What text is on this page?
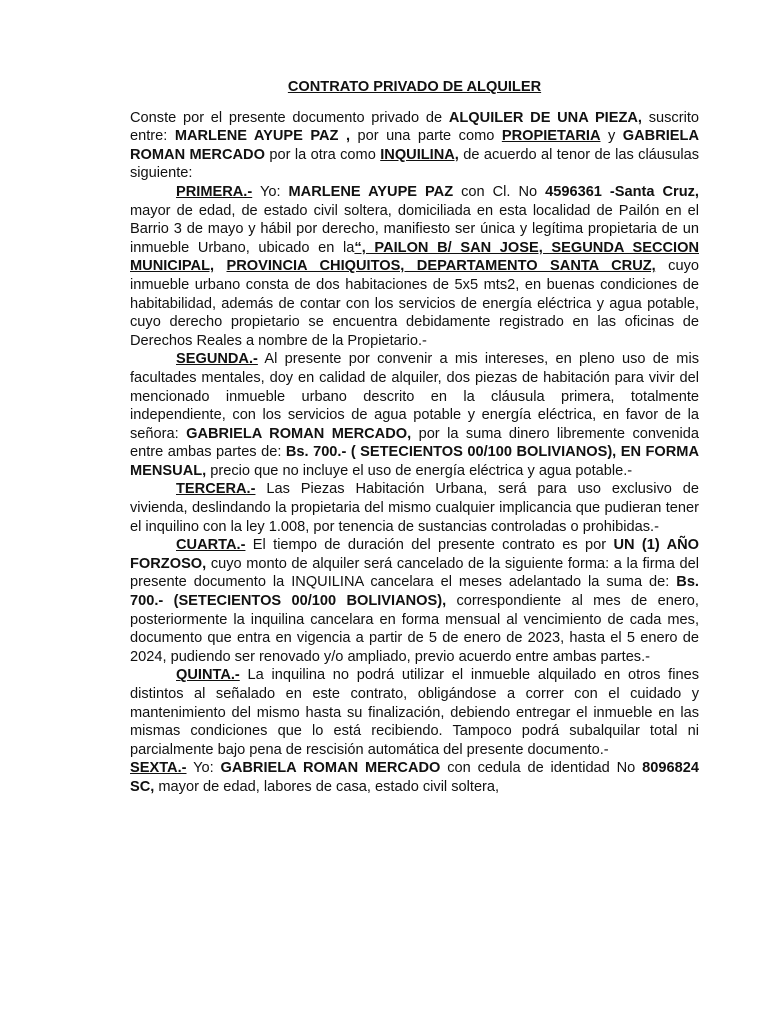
CONTRATO PRIVADO DE ALQUILER

Conste por el presente documento privado de ALQUILER DE UNA PIEZA, suscrito entre: MARLENE AYUPE PAZ , por una parte como PROPIETARIA y GABRIELA ROMAN MERCADO por la otra como INQUILINA, de acuerdo al tenor de las cláusulas siguiente:

PRIMERA.- Yo: MARLENE AYUPE PAZ con Cl. No 4596361 -Santa Cruz, mayor de edad, de estado civil soltera, domiciliada en esta localidad de Pailón en el Barrio 3 de mayo y hábil por derecho, manifiesto ser única y legítima propietaria de un inmueble Urbano, ubicado en la“, PAILON B/ SAN JOSE, SEGUNDA SECCION MUNICIPAL, PROVINCIA CHIQUITOS, DEPARTAMENTO SANTA CRUZ, cuyo inmueble urbano consta de dos habitaciones de 5x5 mts2, en buenas condiciones de habitabilidad, además de contar con los servicios de energía eléctrica y agua potable, cuyo derecho propietario se encuentra debidamente registrado en las oficinas de Derechos Reales a nombre de la Propietario.-

SEGUNDA.- Al presente por convenir a mis intereses, en pleno uso de mis facultades mentales, doy en calidad de alquiler, dos piezas de habitación para vivir del mencionado inmueble urbano descrito en la cláusula primera, totalmente independiente, con los servicios de agua potable y energía eléctrica, en favor de la señora: GABRIELA ROMAN MERCADO, por la suma dinero libremente convenida entre ambas partes de: Bs. 700.- ( SETECIENTOS 00/100 BOLIVIANOS), EN FORMA MENSUAL, precio que no incluye el uso de energía eléctrica y agua potable.-

TERCERA.- Las Piezas Habitación Urbana, será para uso exclusivo de vivienda, deslindando la propietaria del mismo cualquier implicancia que pudieran tener el inquilino con la ley 1.008, por tenencia de sustancias controladas o prohibidas.-

CUARTA.- El tiempo de duración del presente contrato es por UN (1) AÑO FORZOSO, cuyo monto de alquiler será cancelado de la siguiente forma: a la firma del presente documento la INQUILINA cancelara el meses adelantado la suma de: Bs. 700.- (SETECIENTOS 00/100 BOLIVIANOS), correspondiente al mes de enero, posteriormente la inquilina cancelara en forma mensual al vencimiento de cada mes, documento que entra en vigencia a partir de 5 de enero de 2023, hasta el 5 enero de 2024, pudiendo ser renovado y/o ampliado, previo acuerdo entre ambas partes.-

QUINTA.- La inquilina no podrá utilizar el inmueble alquilado en otros fines distintos al señalado en este contrato, obligándose a correr con el cuidado y mantenimiento del mismo hasta su finalización, debiendo entregar el inmueble en las mismas condiciones que lo está recibiendo. Tampoco podrá subalquilar total ni parcialmente bajo pena de rescisión automática del presente documento.-

SEXTA.- Yo: GABRIELA ROMAN MERCADO con cedula de identidad No 8096824 SC, mayor de edad, labores de casa, estado civil soltera,
